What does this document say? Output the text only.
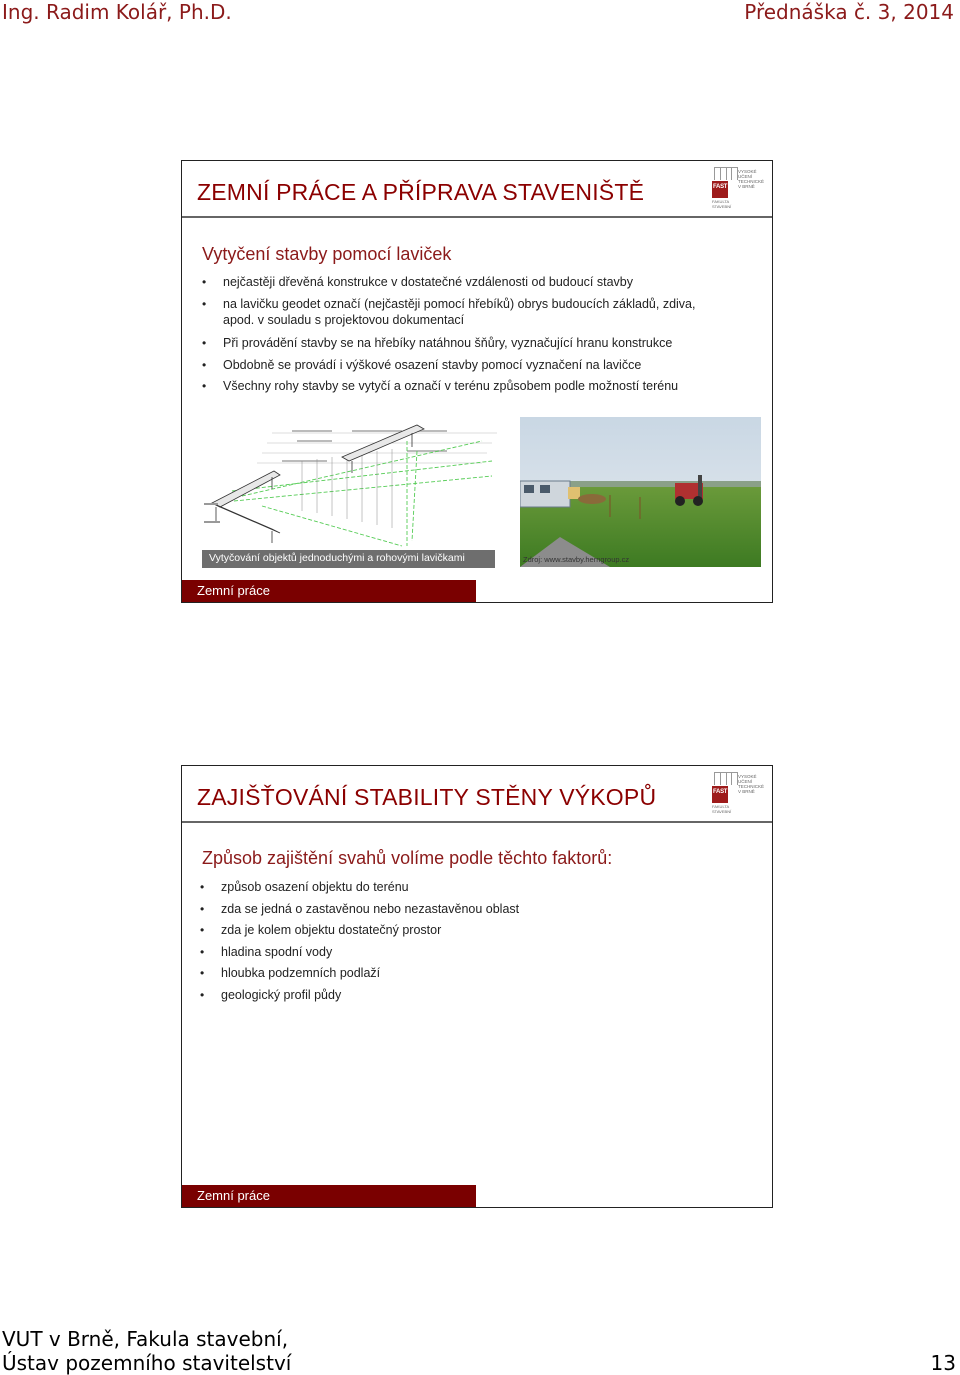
Ing. Radim Kolář, Ph.D.	Přednáška č. 3, 2014
ZEMNÍ PRÁCE A PŘÍPRAVA STAVENIŠTĚ	FAST
VYSOKÉ UČENÍ TECHNICKÉ V BRNĚ
FAKULTA STAVEBNÍ
Vytyčení stavby pomocí laviček
• nejčastěji dřevěná konstrukce v dostatečné vzdálenosti od budoucí stavby
• na lavičku geodet označí (nejčastěji pomocí hřebíků) obrys budoucích základů, zdiva,
apod. v souladu s projektovou dokumentací
• Při provádění stavby se na hřebíky natáhnou šňůry, vyznačující hranu konstrukce
• Obdobně se provádí i výškové osazení stavby pomocí vyznačení na lavičce
• Všechny rohy stavby se vytyčí a označí v terénu způsobem podle možností terénu
Vytyčování objektů jednoduchými a rohovými lavičkami	Zdroj: www.stavby.herngroup.cz
Zemní práce
ZAJIŠŤOVÁNÍ STABILITY STĚNY VÝKOPŮ	FAST
VYSOKÉ UČENÍ TECHNICKÉ V BRNĚ
FAKULTA STAVEBNÍ
Způsob zajištění svahů volíme podle těchto faktorů:
• způsob osazení objektu do terénu
• zda se jedná o zastavěnou nebo nezastavěnou oblast
• zda je kolem objektu dostatečný prostor
• hladina spodní vody
• hloubka podzemních podlaží
• geologický profil půdy
Zemní práce
VUT v Brně, Fakula stavební,
Ústav pozemního stavitelství	13
